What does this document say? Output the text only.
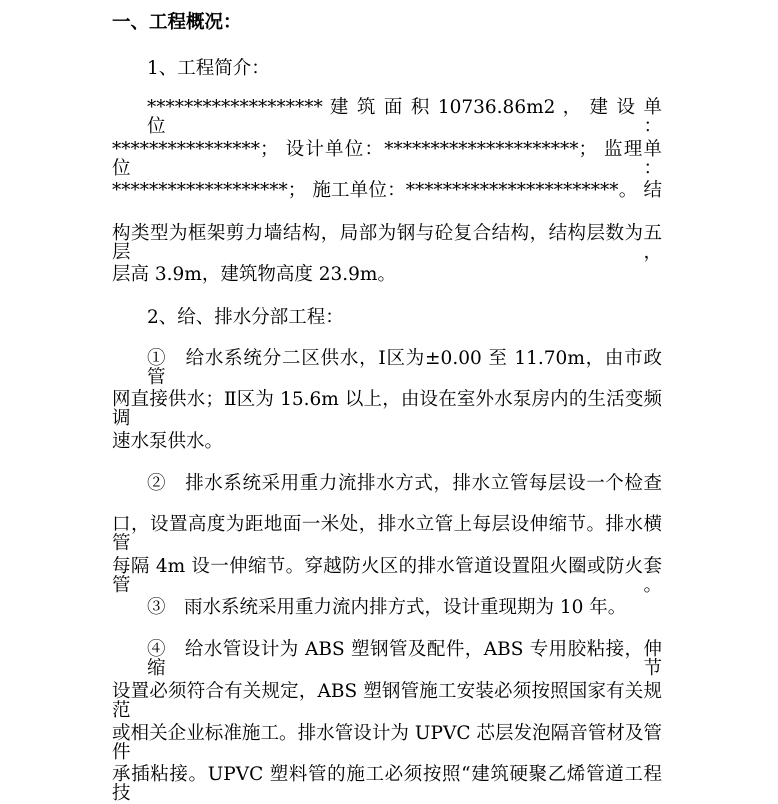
一、工程概况：
1、工程简介：
******************* 建 筑 面 积 10736.86m2 ， 建 设 单 位 ：
****************； 设计单位：*********************； 监理单位：
*******************； 施工单位：***********************。 结
构类型为框架剪力墙结构，局部为钢与砼复合结构，结构层数为五层，
层高 3.9m，建筑物高度 23.9m。
2、给、排水分部工程：
①　给水系统分二区供水，Ⅰ区为±0.00 至 11.70m，由市政管
网直接供水；Ⅱ区为 15.6m 以上，由设在室外水泵房内的生活变频调
速水泵供水。
②　排水系统采用重力流排水方式，排水立管每层设一个检查
口，设置高度为距地面一米处，排水立管上每层设伸缩节。排水横管
每隔 4m 设一伸缩节。穿越防火区的排水管道设置阻火圈或防火套管。
③　雨水系统采用重力流内排方式，设计重现期为 10 年。
④　给水管设计为 ABS 塑钢管及配件，ABS 专用胶粘接，伸缩节
设置必须符合有关规定，ABS 塑钢管施工安装必须按照国家有关规范
或相关企业标准施工。排水管设计为 UPVC 芯层发泡隔音管材及管件
承插粘接。UPVC 塑料管的施工必须按照“建筑硬聚乙烯管道工程技
